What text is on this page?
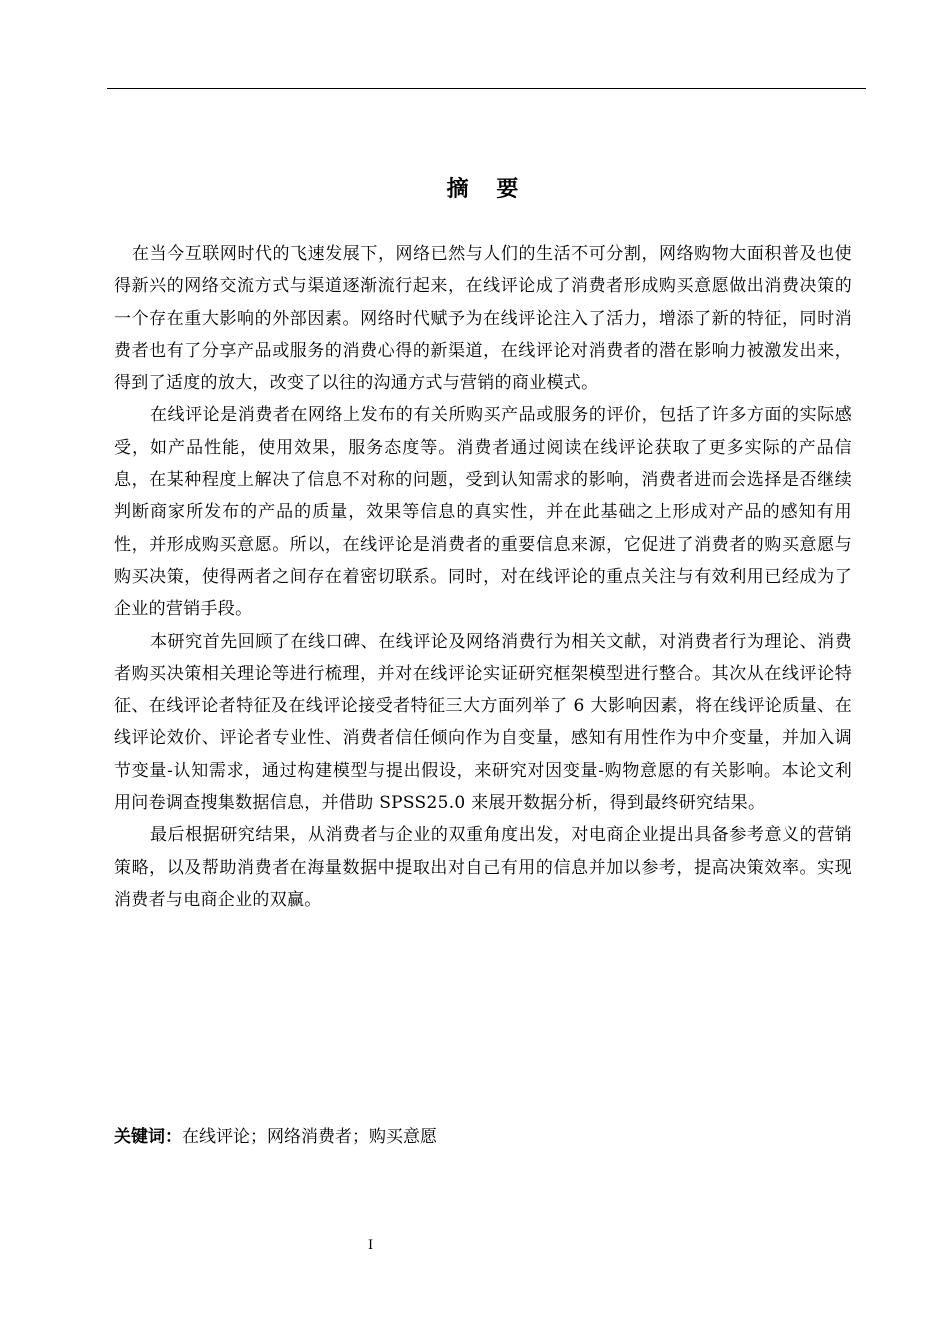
摘 要

在当今互联网时代的飞速发展下，网络已然与人们的生活不可分割，网络购物大面积普及也使得新兴的网络交流方式与渠道逐渐流行起来，在线评论成了消费者形成购买意愿做出消费决策的一个存在重大影响的外部因素。网络时代赋予为在线评论注入了活力，增添了新的特征，同时消费者也有了分享产品或服务的消费心得的新渠道，在线评论对消费者的潜在影响力被激发出来，得到了适度的放大，改变了以往的沟通方式与营销的商业模式。

在线评论是消费者在网络上发布的有关所购买产品或服务的评价，包括了许多方面的实际感受，如产品性能，使用效果，服务态度等。消费者通过阅读在线评论获取了更多实际的产品信息，在某种程度上解决了信息不对称的问题，受到认知需求的影响，消费者进而会选择是否继续判断商家所发布的产品的质量，效果等信息的真实性，并在此基础之上形成对产品的感知有用性，并形成购买意愿。所以，在线评论是消费者的重要信息来源，它促进了消费者的购买意愿与购买决策，使得两者之间存在着密切联系。同时，对在线评论的重点关注与有效利用已经成为了企业的营销手段。

本研究首先回顾了在线口碑、在线评论及网络消费行为相关文献，对消费者行为理论、消费者购买决策相关理论等进行梳理，并对在线评论实证研究框架模型进行整合。其次从在线评论特征、在线评论者特征及在线评论接受者特征三大方面列举了 6 大影响因素，将在线评论质量、在线评论效价、评论者专业性、消费者信任倾向作为自变量，感知有用性作为中介变量，并加入调节变量-认知需求，通过构建模型与提出假设，来研究对因变量-购物意愿的有关影响。本论文利用问卷调查搜集数据信息，并借助 SPSS25.0 来展开数据分析，得到最终研究结果。

最后根据研究结果，从消费者与企业的双重角度出发，对电商企业提出具备参考意义的营销策略，以及帮助消费者在海量数据中提取出对自己有用的信息并加以参考，提高决策效率。实现消费者与电商企业的双赢。

关键词：在线评论；网络消费者；购买意愿
I
